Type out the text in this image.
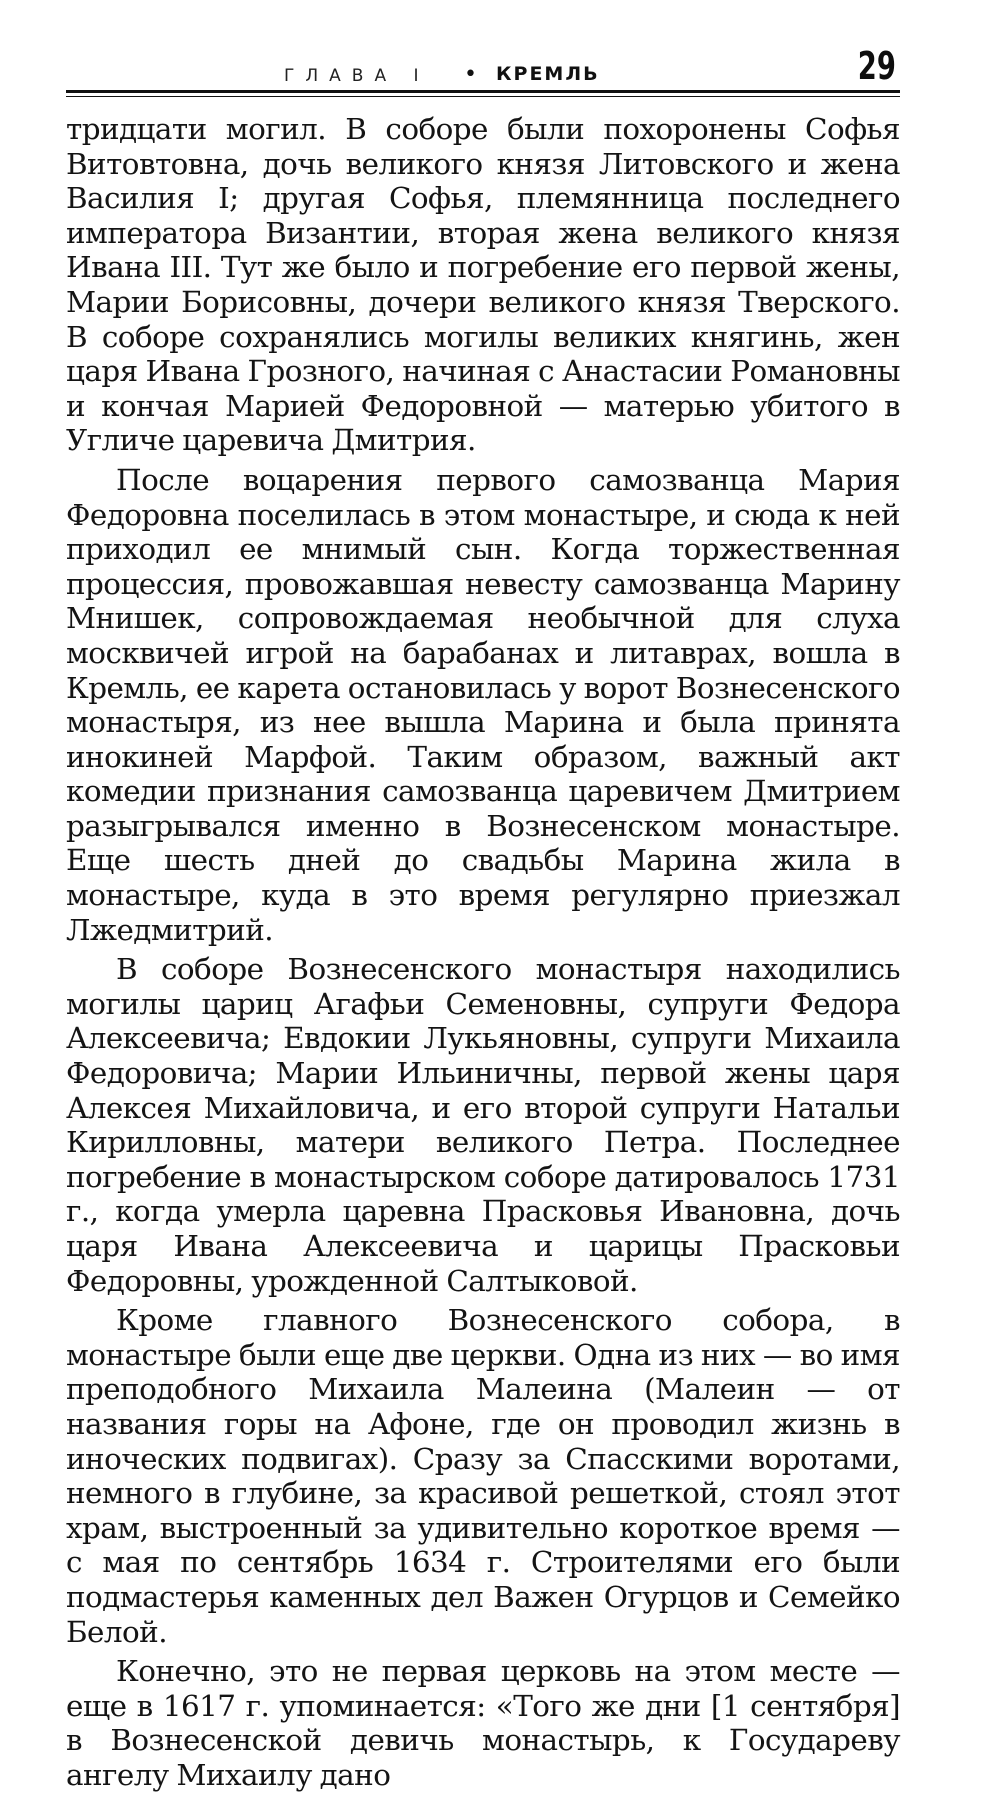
ГЛАВА I • КРЕМЛЬ	29

тридцати могил. В соборе были похоронены Софья Витовтовна, дочь великого князя Литовского и жена Василия I; другая Софья, племянница последнего императора Византии, вторая жена великого князя Ивана III. Тут же было и погребение его первой жены, Марии Борисовны, дочери великого князя Тверского. В соборе сохранялись могилы великих княгинь, жен царя Ивана Грозного, начиная с Анастасии Романовны и кончая Марией Федоровной — матерью убитого в Угличе царевича Дмитрия.

После воцарения первого самозванца Мария Федоровна поселилась в этом монастыре, и сюда к ней приходил ее мнимый сын. Когда торжественная процессия, провожавшая невесту самозванца Марину Мнишек, сопровождаемая необычной для слуха москвичей игрой на барабанах и литаврах, вошла в Кремль, ее карета остановилась у ворот Вознесенского монастыря, из нее вышла Марина и была принята инокиней Марфой. Таким образом, важный акт комедии признания самозванца царевичем Дмитрием разыгрывался именно в Вознесенском монастыре. Еще шесть дней до свадьбы Марина жила в монастыре, куда в это время регулярно приезжал Лжедмитрий.

В соборе Вознесенского монастыря находились могилы цариц Агафьи Семеновны, супруги Федора Алексеевича; Евдокии Лукьяновны, супруги Михаила Федоровича; Марии Ильиничны, первой жены царя Алексея Михайловича, и его второй супруги Натальи Кирилловны, матери великого Петра. Последнее погребение в монастырском соборе датировалось 1731 г., когда умерла царевна Прасковья Ивановна, дочь царя Ивана Алексеевича и царицы Прасковьи Федоровны, урожденной Салтыковой.

Кроме главного Вознесенского собора, в монастыре были еще две церкви. Одна из них — во имя преподобного Михаила Малеина (Малеин — от названия горы на Афоне, где он проводил жизнь в иноческих подвигах). Сразу за Спасскими воротами, немного в глубине, за красивой решеткой, стоял этот храм, выстроенный за удивительно короткое время — с мая по сентябрь 1634 г. Строителями его были подмастерья каменных дел Важен Огурцов и Семейко Белой.

Конечно, это не первая церковь на этом месте — еще в 1617 г. упоминается: «Того же дни [1 сентября] в Вознесенской девичь монастырь, к Государеву ангелу Михаилу дано
